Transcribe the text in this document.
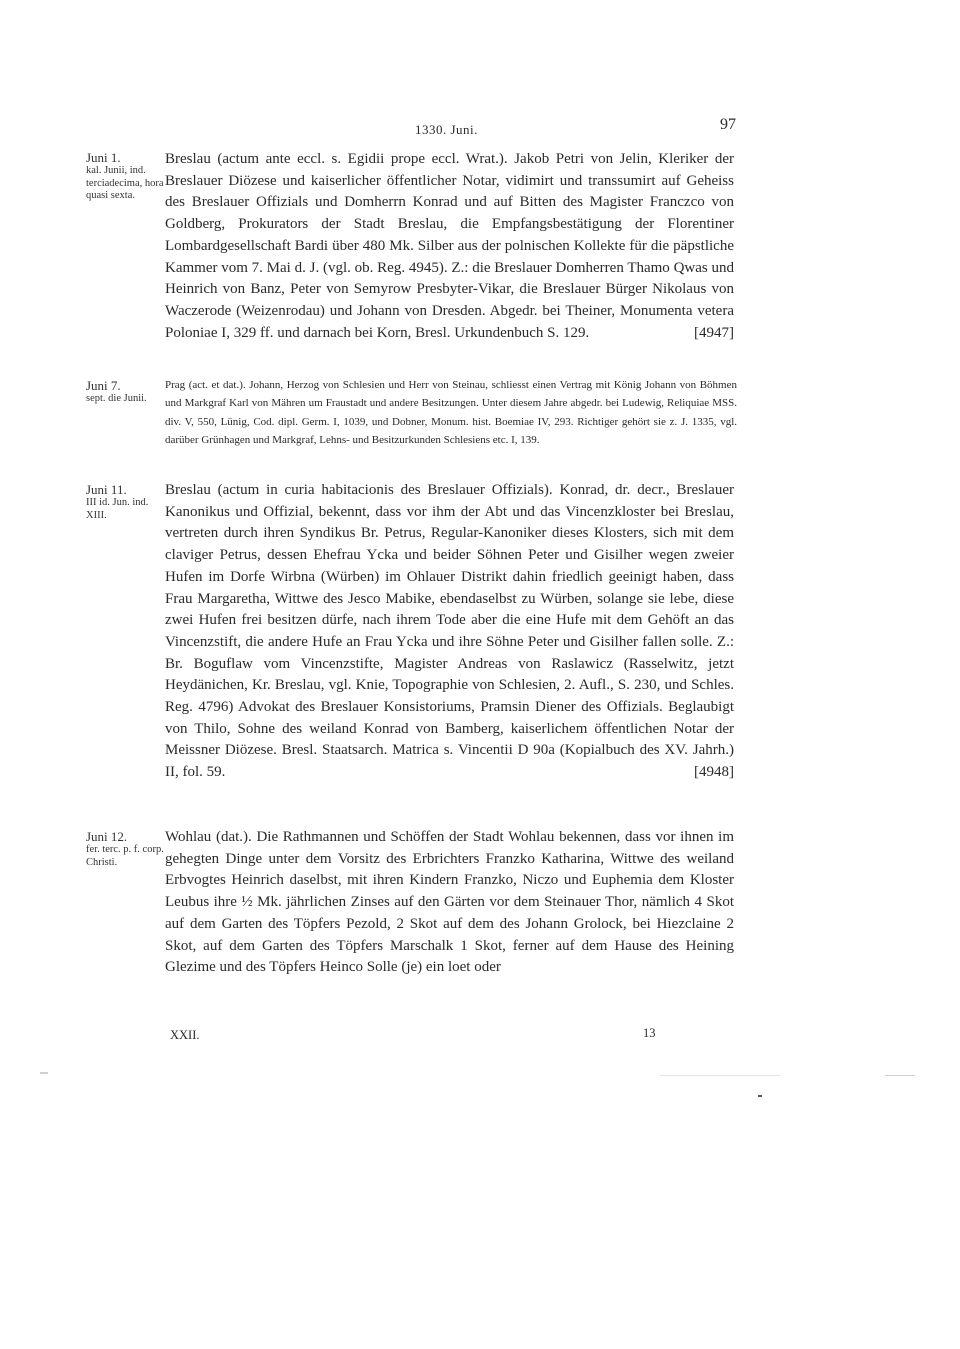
1330. Juni.	97
Juni 1.
kal. Junii, ind. terciadecima, hora quasi sexta.

Breslau (actum ante eccl. s. Egidii prope eccl. Wrat.). Jakob Petri von Jelin, Kleriker der Breslauer Diözese und kaiserlicher öffentlicher Notar, vidimirt und transsumirt auf Geheiss des Breslauer Offizials und Domherrn Konrad und auf Bitten des Magister Franczco von Goldberg, Prokurators der Stadt Breslau, die Empfangsbestätigung der Florentiner Lombardgesellschaft Bardi über 480 Mk. Silber aus der polnischen Kollekte für die päpstliche Kammer vom 7. Mai d. J. (vgl. ob. Reg. 4945). Z.: die Breslauer Domherren Thamo Qwas und Heinrich von Banz, Peter von Semyrow Presbyter-Vikar, die Breslauer Bürger Nikolaus von Waczerode (Weizenrodau) und Johann von Dresden. Abgedr. bei Theiner, Monumenta vetera Poloniae I, 329 ff. und darnach bei Korn, Bresl. Urkundenbuch S. 129.	[4947]

Juni 7.
sept. die Junii.

Prag (act. et dat.). Johann, Herzog von Schlesien und Herr von Steinau, schliesst einen Vertrag mit König Johann von Böhmen und Markgraf Karl von Mähren um Fraustadt und andere Besitzungen. Unter diesem Jahre abgedr. bei Ludewig, Reliquiae MSS. div. V, 550, Lünig, Cod. dipl. Germ. I, 1039, und Dobner, Monum. hist. Boemiae IV, 293. Richtiger gehört sie z. J. 1335, vgl. darüber Grünhagen und Markgraf, Lehns- und Besitzurkunden Schlesiens etc. I, 139.

Juni 11.
III id. Jun. ind. XIII.

Breslau (actum in curia habitacionis des Breslauer Offizials). Konrad, dr. decr., Breslauer Kanonikus und Offizial, bekennt, dass vor ihm der Abt und das Vincenzkloster bei Breslau, vertreten durch ihren Syndikus Br. Petrus, Regular-Kanoniker dieses Klosters, sich mit dem claviger Petrus, dessen Ehefrau Ycka und beider Söhnen Peter und Gisilher wegen zweier Hufen im Dorfe Wirbna (Würben) im Ohlauer Distrikt dahin friedlich geeinigt haben, dass Frau Margaretha, Wittwe des Jesco Mabike, ebendaselbst zu Würben, solange sie lebe, diese zwei Hufen frei besitzen dürfe, nach ihrem Tode aber die eine Hufe mit dem Gehöft an das Vincenzstift, die andere Hufe an Frau Ycka und ihre Söhne Peter und Gisilher fallen solle. Z.: Br. Boguflaw vom Vincenzstifte, Magister Andreas von Raslawicz (Rasselwitz, jetzt Heydänichen, Kr. Breslau, vgl. Knie, Topographie von Schlesien, 2. Aufl., S. 230, und Schles. Reg. 4796) Advokat des Breslauer Konsistoriums, Pramsin Diener des Offizials. Beglaubigt von Thilo, Sohne des weiland Konrad von Bamberg, kaiserlichem öffentlichen Notar der Meissner Diözese. Bresl. Staatsarch. Matrica s. Vincentii D 90a (Kopialbuch des XV. Jahrh.) II, fol. 59.	[4948]

Juni 12.
fer. terc. p. f. corp. Christi.

Wohlau (dat.). Die Rathmannen und Schöffen der Stadt Wohlau bekennen, dass vor ihnen im gehegten Dinge unter dem Vorsitz des Erbrichters Franzko Katharina, Wittwe des weiland Erbvogtes Heinrich daselbst, mit ihren Kindern Franzko, Niczo und Euphemia dem Kloster Leubus ihre ½ Mk. jährlichen Zinses auf den Gärten vor dem Steinauer Thor, nämlich 4 Skot auf dem Garten des Töpfers Pezold, 2 Skot auf dem des Johann Grolock, bei Hiezclaine 2 Skot, auf dem Garten des Töpfers Marschalk 1 Skot, ferner auf dem Hause des Heining Glezime und des Töpfers Heinco Solle (je) ein loet oder

XXII.	13
